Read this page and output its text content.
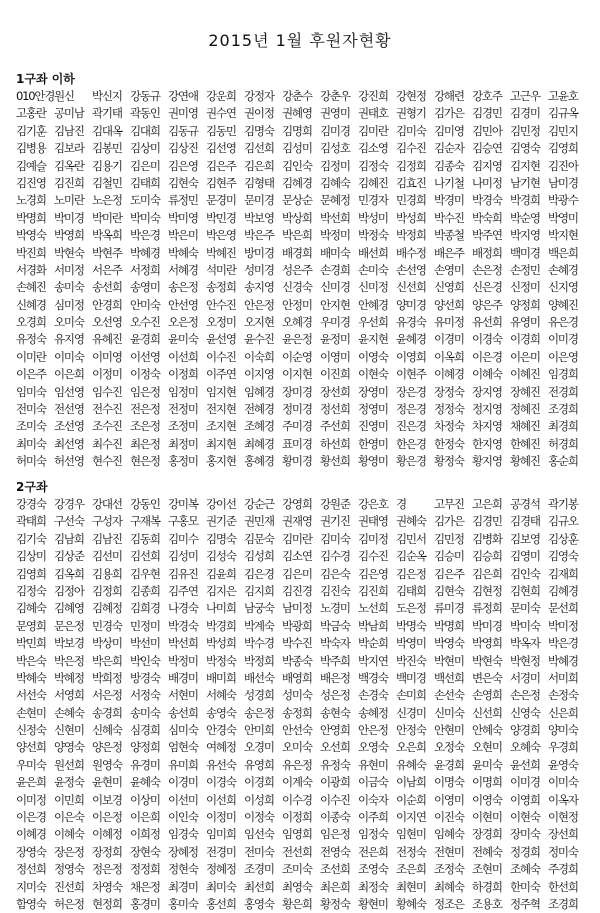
2015년 1월 후원자현황
1구좌 이하
010안경 원신	박신지 강동규 강연애 강운희 강정자 강춘수 강춘우 강진희 강현정 강해련 강호주 고근우 고윤호
고홍란 공미남 곽기태 곽동인 권미영 권수연 권이정 권혜영 권영미 권태호 권형기 김가은 김경민 김경미 김규옥
김기훈 김남진 김대옥 김대희 김동규 김동민 김명숙 김명희 김미경 김미란 김미숙 김미영 김민아 김민정 김민지
김병용 김보라 김봉민 김상미 김상진 김선영 김선희 김성미 김성호 김소영 김수진 김순자 김승연 김영숙 김영희
김예슬 김옥란 김용기 김은미 김은영 김은주 김은희 김인숙 김정미 김정숙 김정희 김종숙 김지영 김지현 김진아
김진영 김진희 김철민 김태희 김현숙 김현주 김형태 김혜경 김혜숙 김혜진 김효진 나기철 나미정 남기현 남미경
노경희 노미란 노은정 도미숙 류정민 문경미 문미경 문상순 문혜정 민경자 민경희 박경미 박경숙 박경희 박광수
박명희 박미경 박미란 박미숙 박미영 박민경 박보영 박상희 박선희 박성미 박성희 박수진 박숙희 박순영 박영미
박영숙 박영희 박옥희 박은경 박은미 박은영 박은주 박은희 박정미 박정숙 박정희 박종철 박주연 박지영 박지현
박진희 박현숙 박현주 박혜경 박혜숙 박혜진 방미경 배경희 배미숙 배선희 배수정 배은주 배정희 백미경 백은희
서경화 서미정 서은주 서정희 서혜경 석미란 성미경 성은주 손경희 손미숙 손선영 손영미 손은정 손정민 손혜경
손혜진 송미숙 송선희 송영미 송은정 송정희 송지영 신경숙 신미경 신미정 신선희 신영희 신은경 신정미 신지영
신혜경 심미정 안경희 안미숙 안선영 안수진 안은정 안정미 안지현 안혜경 양미경 양선희 양은주 양정희 양혜진
오경희 오미숙 오선영 오수진 오은정 오정미 오지현 오혜경 우미경 우선희 유경숙 유미정 유선희 유영미 유은경
유정숙 유지영 유혜진 윤경희 윤미숙 윤선영 윤수진 윤은정 윤정미 윤지현 윤혜경 이경미 이경숙 이경희 이미경
이미란 이미숙 이미영 이선영 이선희 이수진 이숙희 이순영 이영미 이영숙 이영희 이옥희 이은경 이은미 이은영
이은주 이은희 이정미 이정숙 이정희 이주연 이지영 이지현 이진희 이현숙 이현주 이혜경 이혜숙 이혜진 임경희
임미숙 임선영 임수진 임은정 임정미 임지현 임혜경 장미경 장선희 장영미 장은경 장정숙 장지영 장혜진 전경희
전미숙 전선영 전수진 전은정 전정미 전지현 전혜경 정미경 정선희 정영미 정은경 정정숙 정지영 정혜진 조경희
조미숙 조선영 조수진 조은정 조정미 조지현 조혜경 주미경 주선희 진영미 진은경 차정숙 차지영 채혜진 최경희
최미숙 최선영 최수진 최은정 최정미 최지현 최혜경 표미경 하선희 한영미 한은경 한정숙 한지영 한혜진 허경희
허미숙 허선영 현수진 현은정 홍정미 홍지현 홍혜경 황미경 황선희 황영미 황은경 황정숙 황지영 황혜진 홍순희
2구좌
강경숙 강경우 강대선 강동인 강미복 강이선 강순근 강영희 강원준 강은호 경	고무진 고은희 공경석 곽기봉
곽태희 구선숙 구성자 구재복 구홍모 권기준 권민재 권재영 권기진 권태영 권혜숙 김가은 김경민 김경태 김규오
김기숙 김남희 김남진 김동희 김미수 김명숙 김문숙 김미란 김미숙 김미정 김민서 김민정 김병화 김보영 김상훈
김상미 김상준 김선미 김선희 김성미 김성숙 김성희 김소연 김수경 김수진 김순옥 김승미 김승희 김영미 김영숙
김영희 김옥희 김용희 김우현 김유진 김윤희 김은경 김은미 김은숙 김은영 김은정 김은주 김은희 김인숙 김재희
김정숙 김정아 김정희 김종희 김주연 김지은 김지희 김진경 김진숙 김진희 김태희 김현숙 김현정 김현희 김혜경
김혜숙 김혜영 김혜정 김희경 나경숙 나미희 남궁숙 남미정 노경미 노선희 도은정 류미경 류정희 문미숙 문선희
문영희 문은정 민경숙 민정미 박경숙 박경희 박계숙 박광희 박금숙 박남희 박명숙 박명희 박미경 박미숙 박미정
박민희 박보경 박상미 박선미 박선희 박성희 박수경 박수진 박숙자 박순희 박영미 박영숙 박영희 박옥자 박은경
박은숙 박은정 박은희 박인숙 박정미 박정숙 박정희 박종숙 박주희 박지연 박진숙 박현미 박현숙 박현정 박혜경
박혜숙 박혜정 박희정 방경숙 배경미 배미희 배선숙 배영희 배은정 백경숙 백미경 백선희 변은숙 서경미 서미희
서선숙 서영희 서은정 서정숙 서현미 서혜숙 성경희 성미숙 성은정 손경숙 손미희 손선숙 손영희 손은정 손정숙
손현미 손혜숙 송경희 송미숙 송선희 송영숙 송은정 송정희 송현숙 송혜정 신경미 신미숙 신선희 신영숙 신은희
신정숙 신현미 신혜숙 심경희 심미숙 안경숙 안미희 안선숙 안영희 안은정 안정숙 안현미 안혜숙 양경희 양미숙
양선희 양영숙 양은정 양정희 엄현숙 여혜정 오경미 오미숙 오선희 오영숙 오은희 오정숙 오현미 오혜숙 우경희
우미숙 원선희 원영숙 유경미 유미희 유선숙 유영희 유은정 유정숙 유현미 유혜숙 윤경희 윤미숙 윤선희 윤영숙
윤은희 윤정숙 윤현미 윤혜숙 이경미 이경숙 이경희 이계숙 이광희 이금숙 이남희 이명숙 이명희 이미경 이미숙
이미정 이민희 이보경 이상미 이선미 이선희 이성희 이수경 이수진 이숙자 이순희 이영미 이영숙 이영희 이옥자
이은경 이은숙 이은정 이은희 이인숙 이정미 이정숙 이정희 이종숙 이주희 이지연 이진숙 이현미 이현숙 이현정
이혜경 이혜숙 이혜정 이희정 임경숙 임미희 임선숙 임영희 임은정 임정숙 임현미 임혜숙 장경희 장미숙 장선희
장영숙 장은정 장정희 장현숙 장혜정 전경미 전미숙 전선희 전영숙 전은희 전정숙 전현미 전혜숙 정경희 정미숙
정선희 정영숙 정은정 정정희 정현숙 정혜정 조경미 조미숙 조선희 조영숙 조은희 조정숙 조현미 조혜숙 주경희
지미숙 진선희 차영숙 채은정 최경미 최미숙 최선희 최영숙 최은희 최정숙 최현미 최혜숙 하경희 한미숙 한선희
함영숙 허은정 현정희 홍경미 홍미숙 홍선희 홍영숙 황은희 황정숙 황현미 황혜숙 정조은 조용호 정주혁 조경희
